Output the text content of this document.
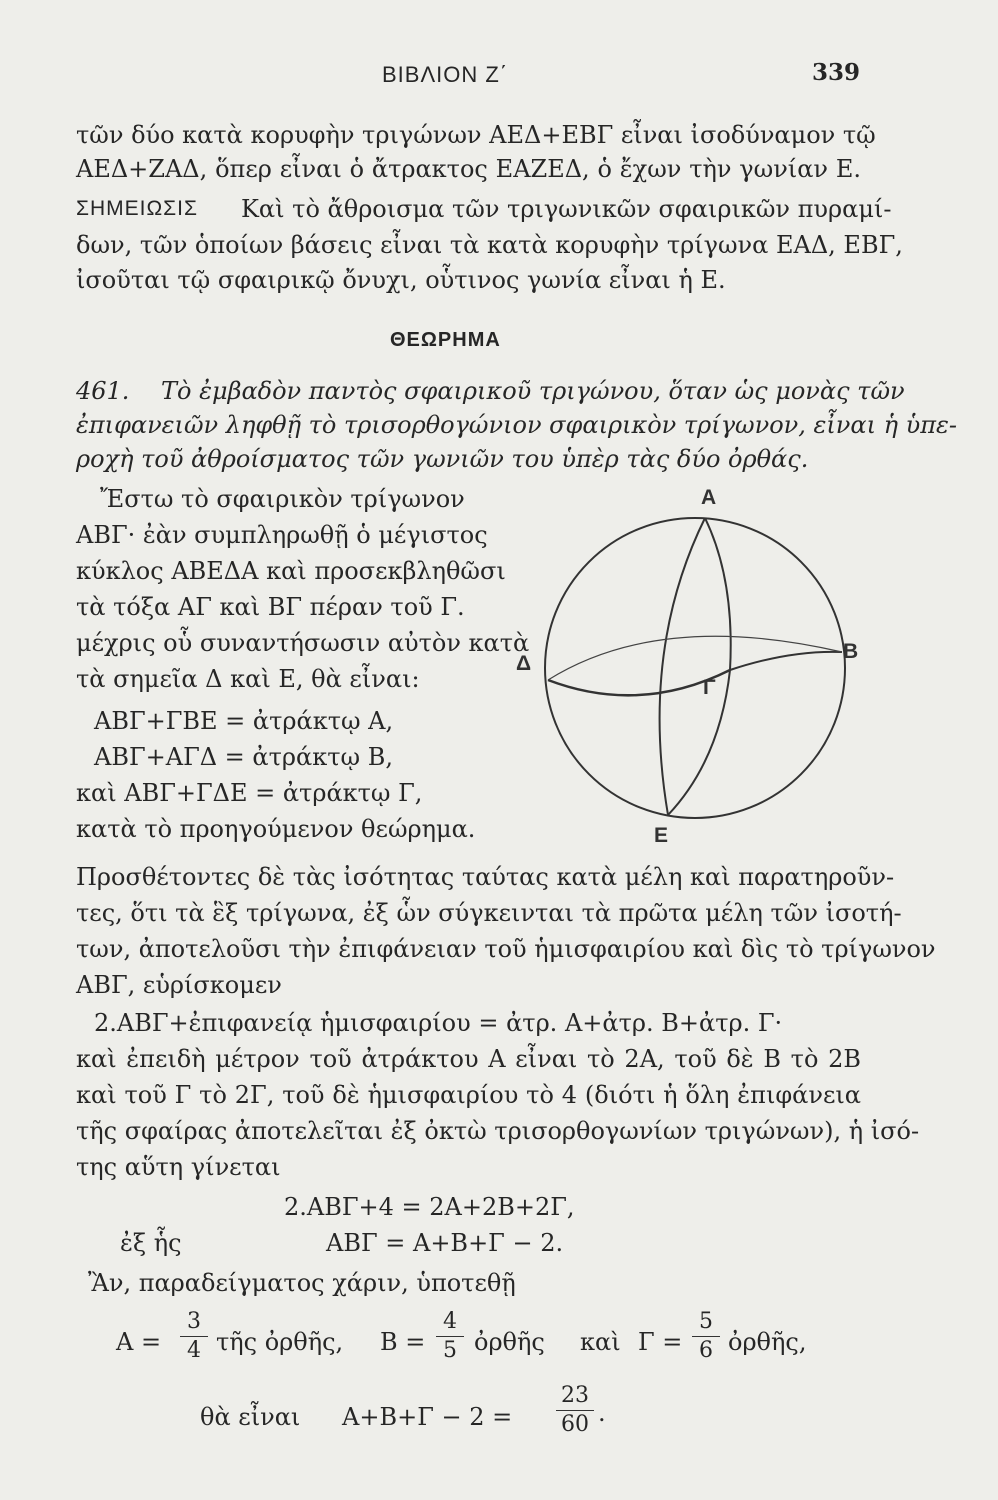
ΒΙΒΛΙΟΝ Ζ΄	339
τῶν δύο κατὰ κορυφὴν τριγώνων ΑΕΔ+ΕΒΓ εἶναι ἰσοδύναμον τῷ
ΑΕΔ+ΖΑΔ, ὅπερ εἶναι ὁ ἄτρακτος ΕΑΖΕΔ, ὁ ἔχων τὴν γωνίαν Ε.
ΣΗΜΕΙΩΣΙΣ Καὶ τὸ ἄθροισμα τῶν τριγωνικῶν σφαιρικῶν πυραμί-
δων, τῶν ὁποίων βάσεις εἶναι τὰ κατὰ κορυφὴν τρίγωνα ΕΑΔ, ΕΒΓ,
ἰσοῦται τῷ σφαιρικῷ ὄνυχι, οὗτινος γωνία εἶναι ἡ Ε.
ΘΕΩΡΗΜΑ
461. Τὸ ἐμβαδὸν παντὸς σφαιρικοῦ τριγώνου, ὅταν ὡς μονὰς τῶν
ἐπιφανειῶν ληφθῇ τὸ τρισορθογώνιον σφαιρικὸν τρίγωνον, εἶναι ἡ ὑπε-
ροχὴ τοῦ ἀθροίσματος τῶν γωνιῶν του ὑπὲρ τὰς δύο ὀρθάς.
Ἔστω τὸ σφαιρικὸν τρίγωνον
ΑΒΓ· ἐὰν συμπληρωθῇ ὁ μέγιστος
κύκλος ΑΒΕΔΑ καὶ προσεκβληθῶσι
τὰ τόξα ΑΓ καὶ ΒΓ πέραν τοῦ Γ.
μέχρις οὗ συναντήσωσιν αὐτὸν κατὰ
τὰ σημεῖα Δ καὶ Ε, θὰ εἶναι:
ΑΒΓ+ΓΒΕ = ἀτράκτῳ Α,
ΑΒΓ+ΑΓΔ = ἀτράκτῳ Β,
καὶ ΑΒΓ+ΓΔΕ = ἀτράκτῳ Γ,
κατὰ τὸ προηγούμενον θεώρημα.
Α
Β
Γ
Δ
Ε
Προσθέτοντες δὲ τὰς ἰσότητας ταύτας κατὰ μέλη καὶ παρατηροῦν-
τες, ὅτι τὰ ἓξ τρίγωνα, ἐξ ὧν σύγκεινται τὰ πρῶτα μέλη τῶν ἰσοτή-
των, ἀποτελοῦσι τὴν ἐπιφάνειαν τοῦ ἡμισφαιρίου καὶ δὶς τὸ τρίγωνον
ΑΒΓ, εὑρίσκομεν
2.ΑΒΓ+ἐπιφανείᾳ ἡμισφαιρίου = ἀτρ. Α+ἀτρ. Β+ἀτρ. Γ·
καὶ ἐπειδὴ μέτρον τοῦ ἀτράκτου Α εἶναι τὸ 2Α, τοῦ δὲ Β τὸ 2Β
καὶ τοῦ Γ τὸ 2Γ, τοῦ δὲ ἡμισφαιρίου τὸ 4 (διότι ἡ ὅλη ἐπιφάνεια
τῆς σφαίρας ἀποτελεῖται ἐξ ὀκτὼ τρισορθογωνίων τριγώνων), ἡ ἰσό-
της αὕτη γίνεται
2.ΑΒΓ+4 = 2Α+2Β+2Γ,
ἐξ ἧς	ΑΒΓ = Α+Β+Γ − 2.
Ἂν, παραδείγματος χάριν, ὑποτεθῇ
Α =
3
4 τῆς ὀρθῆς, Β =
4
5 ὀρθῆς καὶ Γ =
5
6 ὀρθῆς,
θὰ εἶναι Α+Β+Γ − 2 =
23
60 .
